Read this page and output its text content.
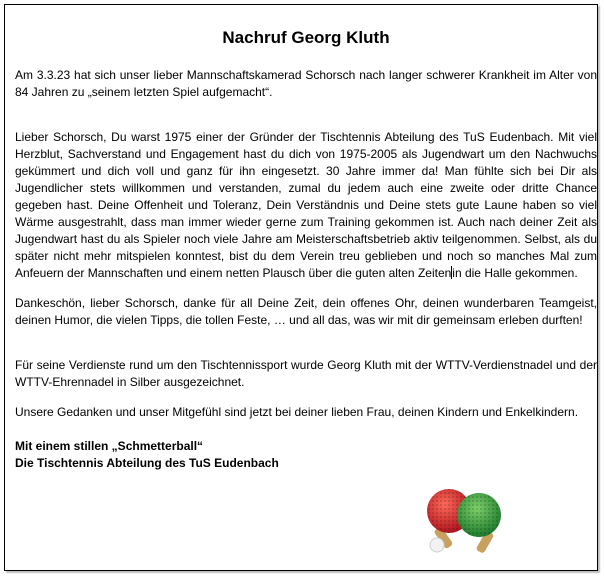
Nachruf Georg Kluth

Am 3.3.23 hat sich unser lieber Mannschaftskamerad Schorsch nach langer schwerer Krankheit im Alter von 84 Jahren zu „seinem letzten Spiel aufgemacht“.

Lieber Schorsch, Du warst 1975 einer der Gründer der Tischtennis Abteilung des TuS Eudenbach. Mit viel Herzblut, Sachverstand und Engagement hast du dich von 1975-2005 als Jugendwart um den Nachwuchs gekümmert und dich voll und ganz für ihn eingesetzt. 30 Jahre immer da! Man fühlte sich bei Dir als Jugendlicher stets willkommen und verstanden, zumal du jedem auch eine zweite oder dritte Chance gegeben hast. Deine Offenheit und Toleranz, Dein Verständnis und Deine stets gute Laune haben so viel Wärme ausgestrahlt, dass man immer wieder gerne zum Training gekommen ist. Auch nach deiner Zeit als Jugendwart hast du als Spieler noch viele Jahre am Meisterschaftsbetrieb aktiv teilgenommen. Selbst, als du später nicht mehr mitspielen konntest, bist du dem Verein treu geblieben und noch so manches Mal zum Anfeuern der Mannschaften und einem netten Plausch über die guten alten Zeitenin die Halle gekommen.

Dankeschön, lieber Schorsch, danke für all Deine Zeit, dein offenes Ohr, deinen wunderbaren Teamgeist, deinen Humor, die vielen Tipps, die tollen Feste, … und all das, was wir mit dir gemeinsam erleben durften!

Für seine Verdienste rund um den Tischtennissport wurde Georg Kluth mit der WTTV-Verdienstnadel und der WTTV-Ehrennadel in Silber ausgezeichnet.

Unsere Gedanken und unser Mitgefühl sind jetzt bei deiner lieben Frau, deinen Kindern und Enkelkindern.

Mit einem stillen „Schmetterball“

Die Tischtennis Abteilung des TuS Eudenbach
